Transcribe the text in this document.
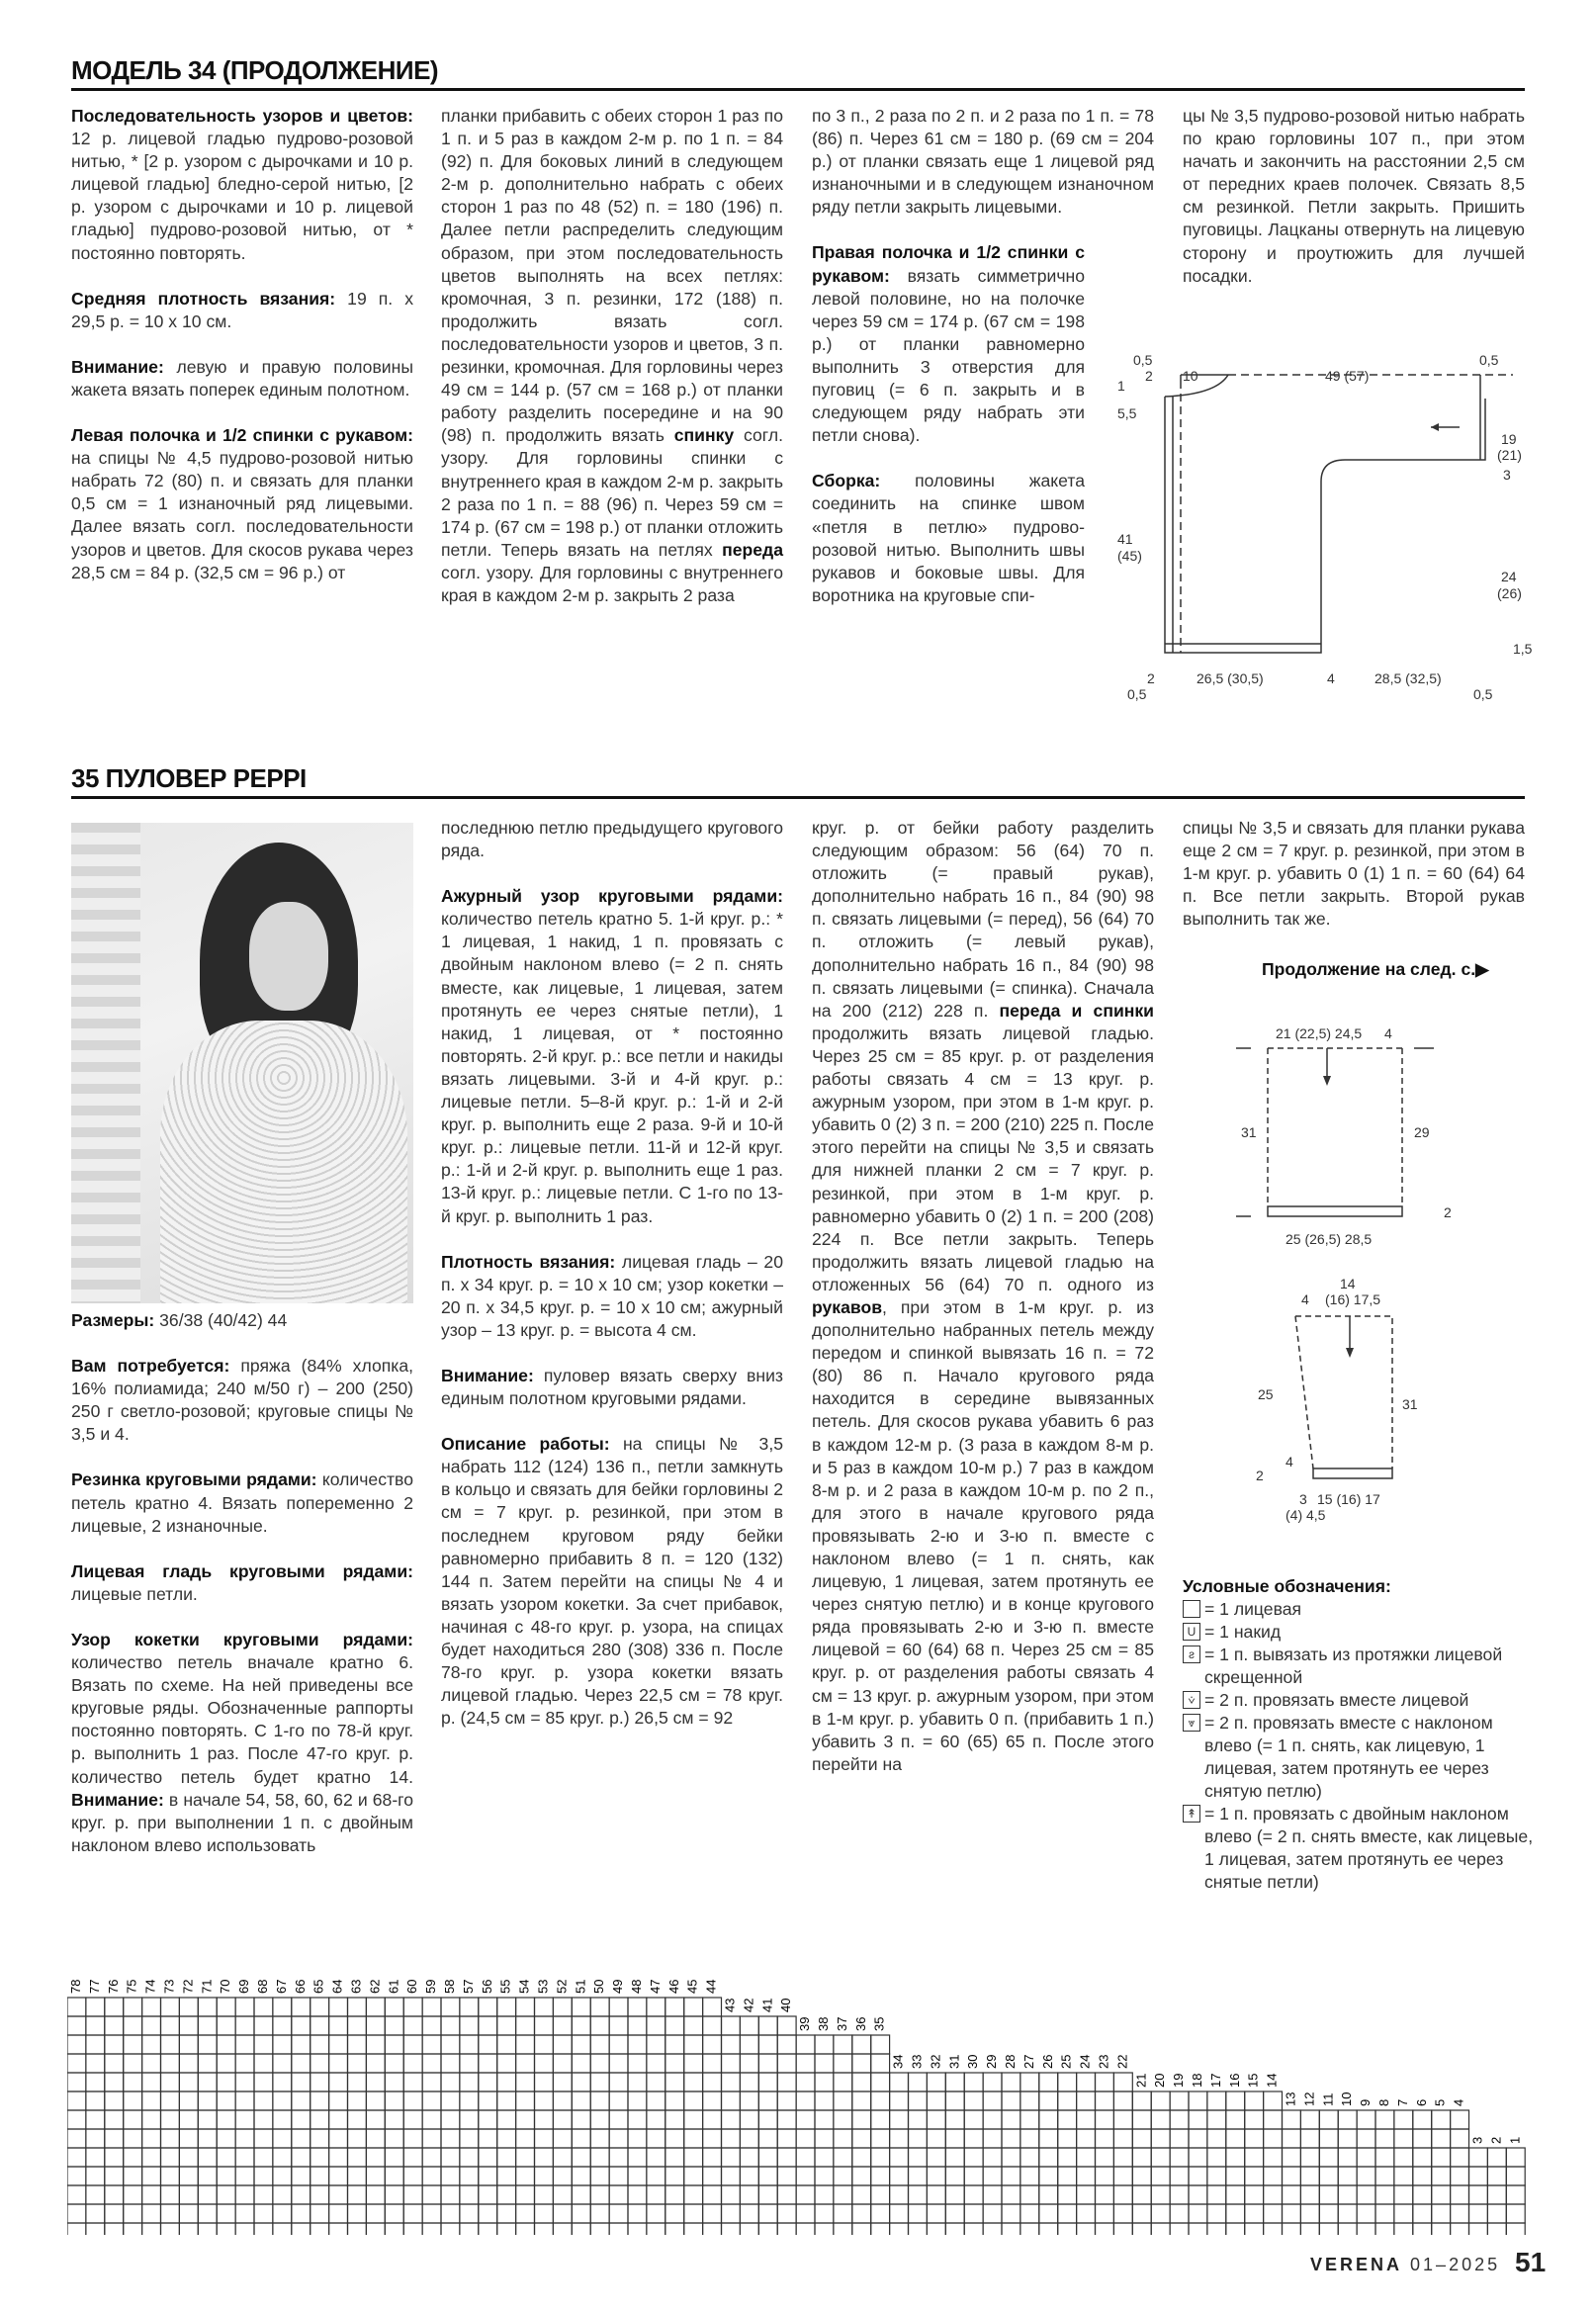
МОДЕЛЬ 34 (ПРОДОЛЖЕНИЕ)

Последовательность узоров и цветов: 12 р. лицевой гладью пудрово-розовой нитью, * [2 р. узором с дырочками и 10 р. лицевой гладью] бледно-серой нитью, [2 р. узором с дырочками и 10 р. лицевой гладью] пудрово-розовой нитью, от * постоянно повторять.

Средняя плотность вязания: 19 п. х 29,5 р. = 10 х 10 см.

Внимание: левую и правую половины жакета вязать поперек единым полотном.

Левая полочка и 1/2 спинки с рукавом: на спицы № 4,5 пудрово-розовой нитью набрать 72 (80) п. и связать для планки 0,5 см = 1 изнаночный ряд лицевыми. Далее вязать согл. последовательности узоров и цветов. Для скосов рукава через 28,5 см = 84 р. (32,5 см = 96 р.) от

планки прибавить с обеих сторон 1 раз по 1 п. и 5 раз в каждом 2-м р. по 1 п. = 84 (92) п. Для боковых линий в следующем 2-м р. дополнительно набрать с обеих сторон 1 раз по 48 (52) п. = 180 (196) п. Далее петли распределить следующим образом, при этом последовательность цветов выполнять на всех петлях: кромочная, 3 п. резинки, 172 (188) п. продолжить вязать согл. последовательности узоров и цветов, 3 п. резинки, кромочная. Для горловины через 49 см = 144 р. (57 см = 168 р.) от планки работу разделить посередине и на 90 (98) п. продолжить вязать спинку согл. узору. Для горловины спинки с внутреннего края в каждом 2-м р. закрыть 2 раза по 1 п. = 88 (96) п. Через 59 см = 174 р. (67 см = 198 р.) от планки отложить петли. Теперь вязать на петлях переда согл. узору. Для горловины с внутреннего края в каждом 2-м р. закрыть 2 раза

по 3 п., 2 раза по 2 п. и 2 раза по 1 п. = 78 (86) п. Через 61 см = 180 р. (69 см = 204 р.) от планки связать еще 1 лицевой ряд изнаночными и в следующем изнаночном ряду петли закрыть лицевыми.

Правая полочка и 1/2 спинки с рукавом: вязать симметрично левой половине, но на полочке через 59 см = 174 р. (67 см = 198 р.) от планки равномерно выполнить 3 отверстия для пуговиц (= 6 п. закрыть и в следующем ряду набрать эти петли снова).

Сборка: половины жакета соединить на спинке швом «петля в петлю» пудрово-розовой нитью. Выполнить швы рукавов и боковые швы. Для воротника на круговые спи-

цы № 3,5 пудрово-розовой нитью набрать по краю горловины 107 п., при этом начать и закончить на расстоянии 2,5 см от передних краев полочек. Связать 8,5 см резинкой. Петли закрыть. Пришить пуговицы. Лацканы отвернуть на лицевую сторону и проутюжить для лучшей посадки.

0,5
2 10	49 (57)
0,5
1
5,5
41
(45)
19
(21)
3
24
(26)
1,5
2	26,5 (30,5)	4	28,5 (32,5)
0,5	0,5
35 ПУЛОВЕР PEPPI

Размеры: 36/38 (40/42) 44

Вам потребуется: пряжа (84% хлопка, 16% полиамида; 240 м/50 г) – 200 (250) 250 г светло-розовой; круговые спицы № 3,5 и 4.

Резинка круговыми рядами: количество петель кратно 4. Вязать попеременно 2 лицевые, 2 изнаночные.

Лицевая гладь круговыми рядами: лицевые петли.

Узор кокетки круговыми рядами: количество петель вначале кратно 6. Вязать по схеме. На ней приведены все круговые ряды. Обозначенные раппорты постоянно повторять. С 1-го по 78-й круг. р. выполнить 1 раз. После 47-го круг. р. количество петель будет кратно 14. Внимание: в начале 54, 58, 60, 62 и 68-го круг. р. при выполнении 1 п. с двойным наклоном влево использовать

последнюю петлю предыдущего кругового ряда.

Ажурный узор круговыми рядами: количество петель кратно 5. 1-й круг. р.: * 1 лицевая, 1 накид, 1 п. провязать с двойным наклоном влево (= 2 п. снять вместе, как лицевые, 1 лицевая, затем протянуть ее через снятые петли), 1 накид, 1 лицевая, от * постоянно повторять. 2-й круг. р.: все петли и накиды вязать лицевыми. 3-й и 4-й круг. р.: лицевые петли. 5–8-й круг. р.: 1-й и 2-й круг. р. выполнить еще 2 раза. 9-й и 10-й круг. р.: лицевые петли. 11-й и 12-й круг. р.: 1-й и 2-й круг. р. выполнить еще 1 раз. 13-й круг. р.: лицевые петли. С 1-го по 13-й круг. р. выполнить 1 раз.

Плотность вязания: лицевая гладь – 20 п. х 34 круг. р. = 10 х 10 см; узор кокетки – 20 п. х 34,5 круг. р. = 10 х 10 см; ажурный узор – 13 круг. р. = высота 4 см.

Внимание: пуловер вязать сверху вниз единым полотном круговыми рядами.

Описание работы: на спицы № 3,5 набрать 112 (124) 136 п., петли замкнуть в кольцо и связать для бейки горловины 2 см = 7 круг. р. резинкой, при этом в последнем круговом ряду бейки равномерно прибавить 8 п. = 120 (132) 144 п. Затем перейти на спицы № 4 и вязать узором кокетки. За счет прибавок, начиная с 48-го круг. р. узора, на спицах будет находиться 280 (308) 336 п. После 78-го круг. р. узора кокетки вязать лицевой гладью. Через 22,5 см = 78 круг. р. (24,5 см = 85 круг. р.) 26,5 см = 92

круг. р. от бейки работу разделить следующим образом: 56 (64) 70 п. отложить (= правый рукав), дополнительно набрать 16 п., 84 (90) 98 п. связать лицевыми (= перед), 56 (64) 70 п. отложить (= левый рукав), дополнительно набрать 16 п., 84 (90) 98 п. связать лицевыми (= спинка). Сначала на 200 (212) 228 п. переда и спинки продолжить вязать лицевой гладью. Через 25 см = 85 круг. р. от разделения работы связать 4 см = 13 круг. р. ажурным узором, при этом в 1-м круг. р. убавить 0 (2) 3 п. = 200 (210) 225 п. После этого перейти на спицы № 3,5 и связать для нижней планки 2 см = 7 круг. р. резинкой, при этом в 1-м круг. р. равномерно убавить 0 (2) 1 п. = 200 (208) 224 п. Все петли закрыть. Теперь продолжить вязать лицевой гладью на отложенных 56 (64) 70 п. одного из рукавов, при этом в 1-м круг. р. из дополнительно набранных петель между передом и спинкой вывязать 16 п. = 72 (80) 86 п. Начало кругового ряда находится в середине вывязанных петель. Для скосов рукава убавить 6 раз в каждом 12-м р. (3 раза в каждом 8-м р. и 5 раз в каждом 10-м р.) 7 раз в каждом 8-м р. и 2 раза в каждом 10-м р. по 2 п., для этого в начале кругового ряда провязывать 2-ю и 3-ю п. вместе с наклоном влево (= 1 п. снять, как лицевую, 1 лицевая, затем протянуть ее через снятую петлю) и в конце кругового ряда провязывать 2-ю и 3-ю п. вместе лицевой = 60 (64) 68 п. Через 25 см = 85 круг. р. от разделения работы связать 4 см = 13 круг. р. ажурным узором, при этом в 1-м круг. р. убавить 0 п. (прибавить 1 п.) убавить 3 п. = 60 (65) 65 п. После этого перейти на

спицы № 3,5 и связать для планки рукава еще 2 см = 7 круг. р. резинкой, при этом в 1-м круг. р. убавить 0 (1) 1 п. = 60 (64) 64 п. Все петли закрыть. Второй рукав выполнить так же.

Продолжение на след. с.▶
21 (22,5) 24,5 4
31	29
2
25 (26,5) 28,5
4
14
(16) 17,5
25
31
4
2
3 15 (16) 17
(4) 4,5
Условные обозначения:
= 1 лицевая
U = 1 накид
ƨ = 1 п. вывязать из протяжки лицевой скрещенной
⩒ = 2 п. провязать вместе лицевой
⩔ = 2 п. провязать вместе с наклоном влево (= 1 п. снять, как лицевую, 1 лицевая, затем протянуть ее через снятую петлю)
↟ = 1 п. провязать с двойным наклоном влево (= 2 п. снять вместе, как лицевые, 1 лицевая, затем протянуть ее через снятые петли)
78 77 76 75 74 73 72 71 70 69 68 67 66 65 64 63 62 61 60 59 58 57 56 55 54 53 52 51 50 49 48 47 46 45 44
43 42 41 40
39 38 37 36 35
34 33 32 31 30 29 28 27 26 25 24 23 22
21 20 19 18 17 16 15 14
13 12 11 10 9 8 7 6 5 4
3 2 1
VERENA 01–2025 51
